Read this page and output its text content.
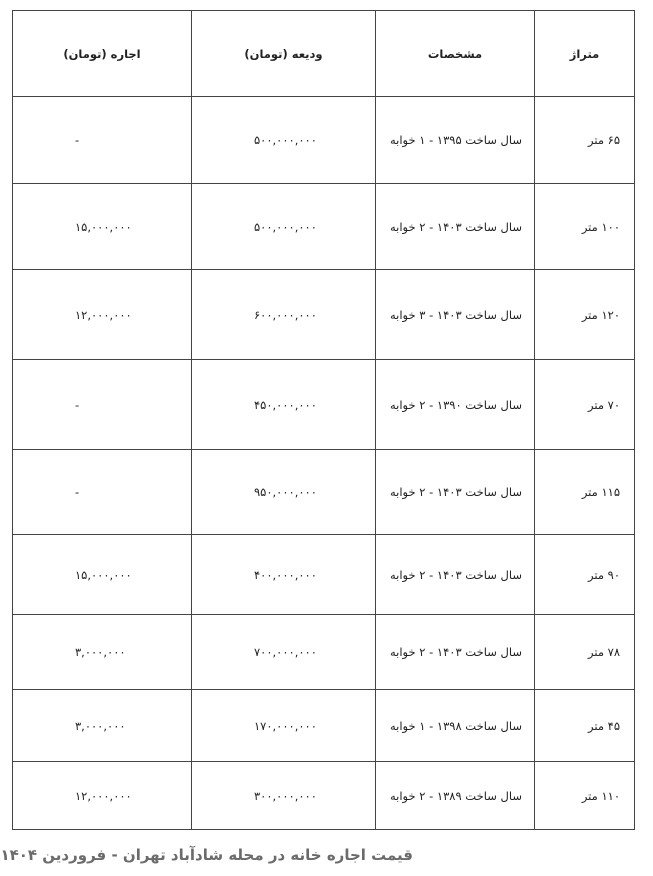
متراژ	مشخصات	ودیعه (تومان)	اجاره (تومان)
۶۵ متر	سال ساخت ۱۳۹۵ - ۱ خوابه	۵۰۰,۰۰۰,۰۰۰	-
۱۰۰ متر	سال ساخت ۱۴۰۳ - ۲ خوابه	۵۰۰,۰۰۰,۰۰۰	۱۵,۰۰۰,۰۰۰
۱۲۰ متر	سال ساخت ۱۴۰۳ - ۳ خوابه	۶۰۰,۰۰۰,۰۰۰	۱۲,۰۰۰,۰۰۰
۷۰ متر	سال ساخت ۱۳۹۰ - ۲ خوابه	۴۵۰,۰۰۰,۰۰۰	-
۱۱۵ متر	سال ساخت ۱۴۰۳ - ۲ خوابه	۹۵۰,۰۰۰,۰۰۰	-
۹۰ متر	سال ساخت ۱۴۰۳ - ۲ خوابه	۴۰۰,۰۰۰,۰۰۰	۱۵,۰۰۰,۰۰۰
۷۸ متر	سال ساخت ۱۴۰۳ - ۲ خوابه	۷۰۰,۰۰۰,۰۰۰	۳,۰۰۰,۰۰۰
۴۵ متر	سال ساخت ۱۳۹۸ - ۱ خوابه	۱۷۰,۰۰۰,۰۰۰	۳,۰۰۰,۰۰۰
۱۱۰ متر	سال ساخت ۱۳۸۹ - ۲ خوابه	۳۰۰,۰۰۰,۰۰۰	۱۲,۰۰۰,۰۰۰
قیمت اجاره خانه در محله شادآباد تهران - فروردین ۱۴۰۴
